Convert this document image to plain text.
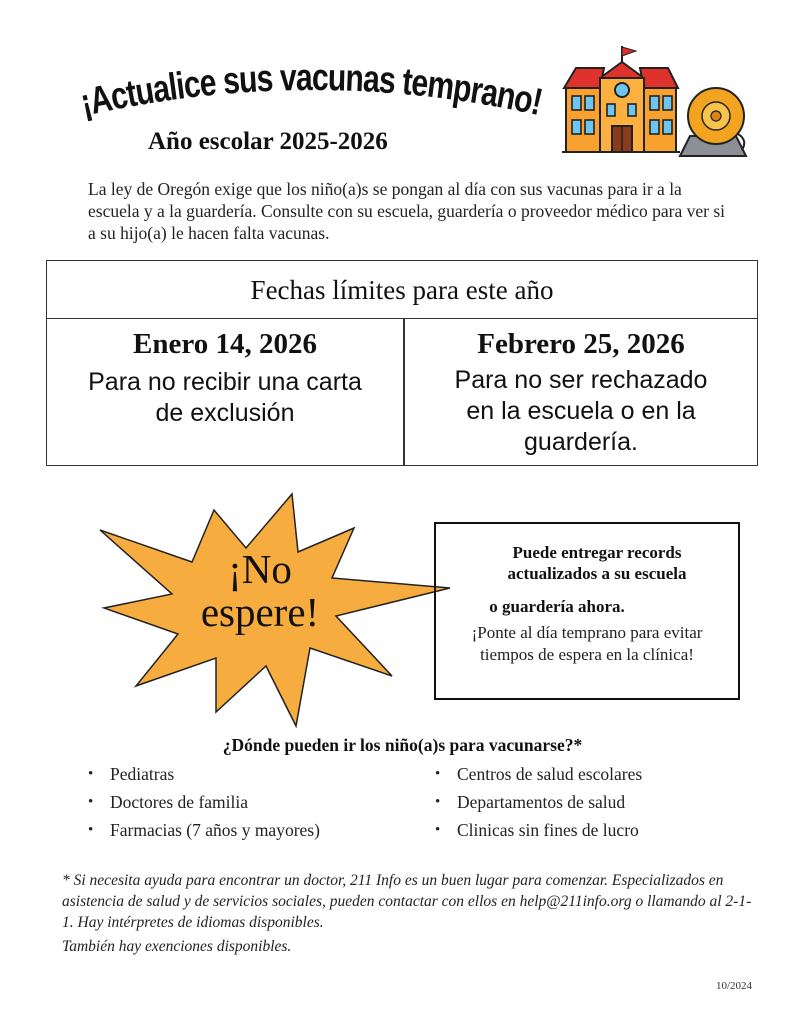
¡Actualice sus vacunas temprano!
Año escolar 2025-2026
La ley de Oregón exige que los niño(a)s se pongan al día con sus vacunas para ir a la escuela y a la guardería. Consulte con su escuela, guardería o proveedor médico para ver si a su hijo(a) le hacen falta vacunas.
Fechas límites para este año
Enero 14, 2026
Para no recibir una carta de exclusión
Febrero 25, 2026
Para no ser rechazado en la escuela o en la guardería.
¡No
espere!
Puede entregar records actualizados a su escuela
o guardería ahora.
¡Ponte al día temprano para evitar tiempos de espera en la clínica!
¿Dónde pueden ir los niño(a)s para vacunarse?*
• Pediatras
• Doctores de familia
• Farmacias (7 años y mayores)
• Centros de salud escolares
• Departamentos de salud
• Clinicas sin fines de lucro
* Si necesita ayuda para encontrar un doctor, 211 Info es un buen lugar para comenzar. Especializados en asistencia de salud y de servicios sociales, pueden contactar con ellos en help@211info.org o llamando al 2-1-1. Hay intérpretes de idiomas disponibles.
También hay exenciones disponibles.
10/2024
